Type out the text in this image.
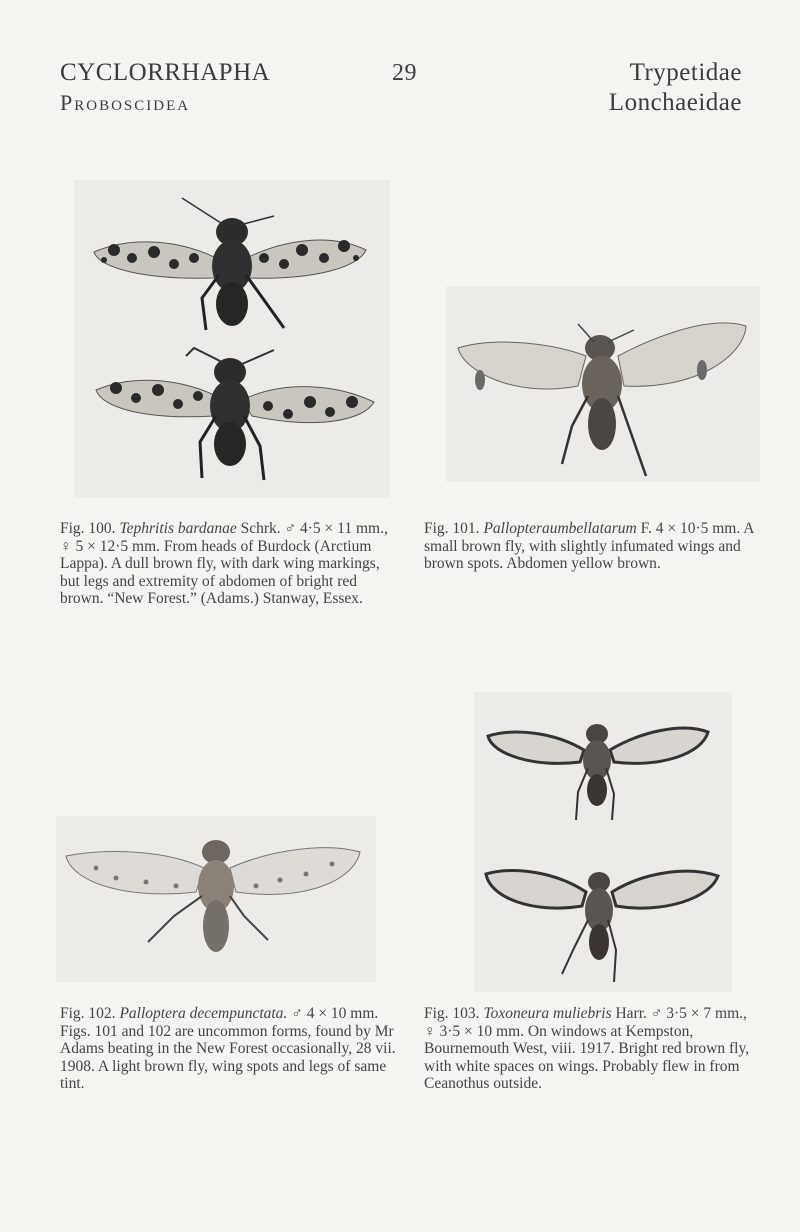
CYCLORRHAPHA
Proboscidea
29	Trypetidae
Lonchaeidae
Fig. 100. Tephritis bardanae Schrk. ♂ 4·5 × 11 mm., ♀ 5 × 12·5 mm. From heads of Burdock (Arctium Lappa). A dull brown fly, with dark wing markings, but legs and extremity of abdomen of bright red brown. “New Forest.” (Adams.) Stanway, Essex.
Fig. 101. Pallopteraumbellatarum F. 4 × 10·5 mm. A small brown fly, with slightly infumated wings and brown spots. Abdomen yellow brown.
Fig. 102. Palloptera decempunctata. ♂ 4 × 10 mm. Figs. 101 and 102 are uncommon forms, found by Mr Adams beating in the New Forest occasionally, 28 vii. 1908. A light brown fly, wing spots and legs of same tint.
Fig. 103. Toxoneura muliebris Harr. ♂ 3·5 × 7 mm., ♀ 3·5 × 10 mm. On windows at Kempston, Bournemouth West, viii. 1917. Bright red brown fly, with white spaces on wings. Probably flew in from Ceanothus outside.
